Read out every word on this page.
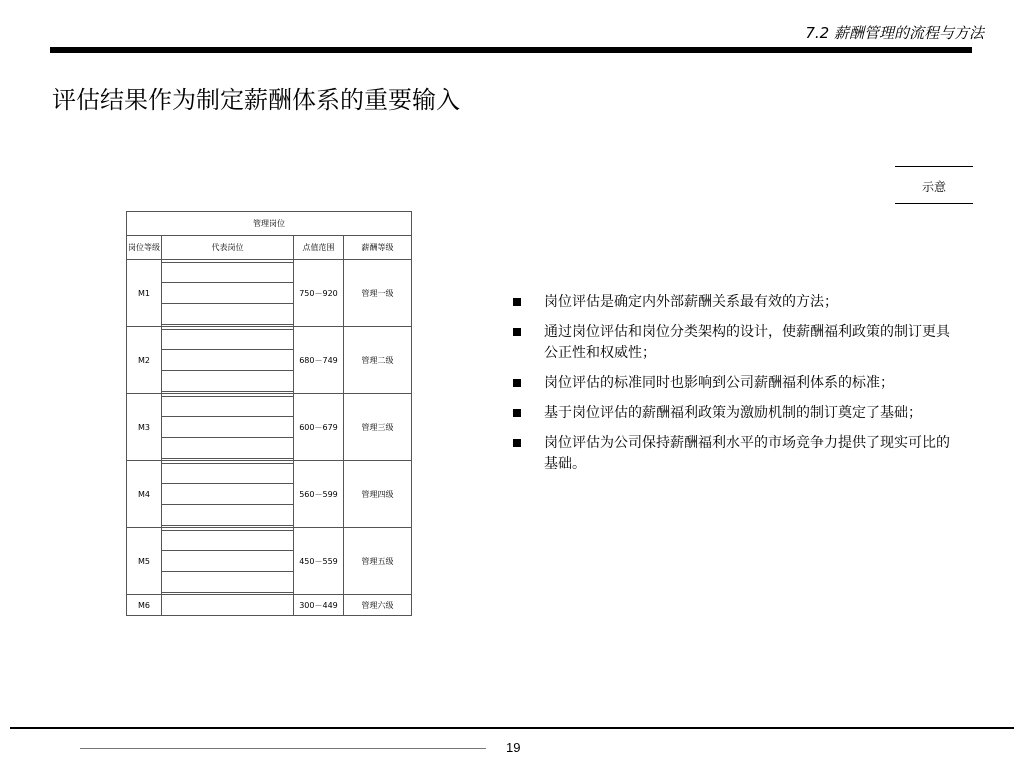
7.2 薪酬管理的流程与方法
评估结果作为制定薪酬体系的重要输入
示意
管理岗位			
岗位等级	代表岗位	点值范围	薪酬等级
M1		750－920	管理一级
M2		680－749	管理二级
M3		600－679	管理三级
M4		560－599	管理四级
M5		450－559	管理五级
M6		300－449	管理六级
岗位评估是确定内外部薪酬关系最有效的方法；
通过岗位评估和岗位分类架构的设计，使薪酬福利政策的制订更具公正性和权威性；
岗位评估的标准同时也影响到公司薪酬福利体系的标准；
基于岗位评估的薪酬福利政策为激励机制的制订奠定了基础；
岗位评估为公司保持薪酬福利水平的市场竞争力提供了现实可比的基础。
19
